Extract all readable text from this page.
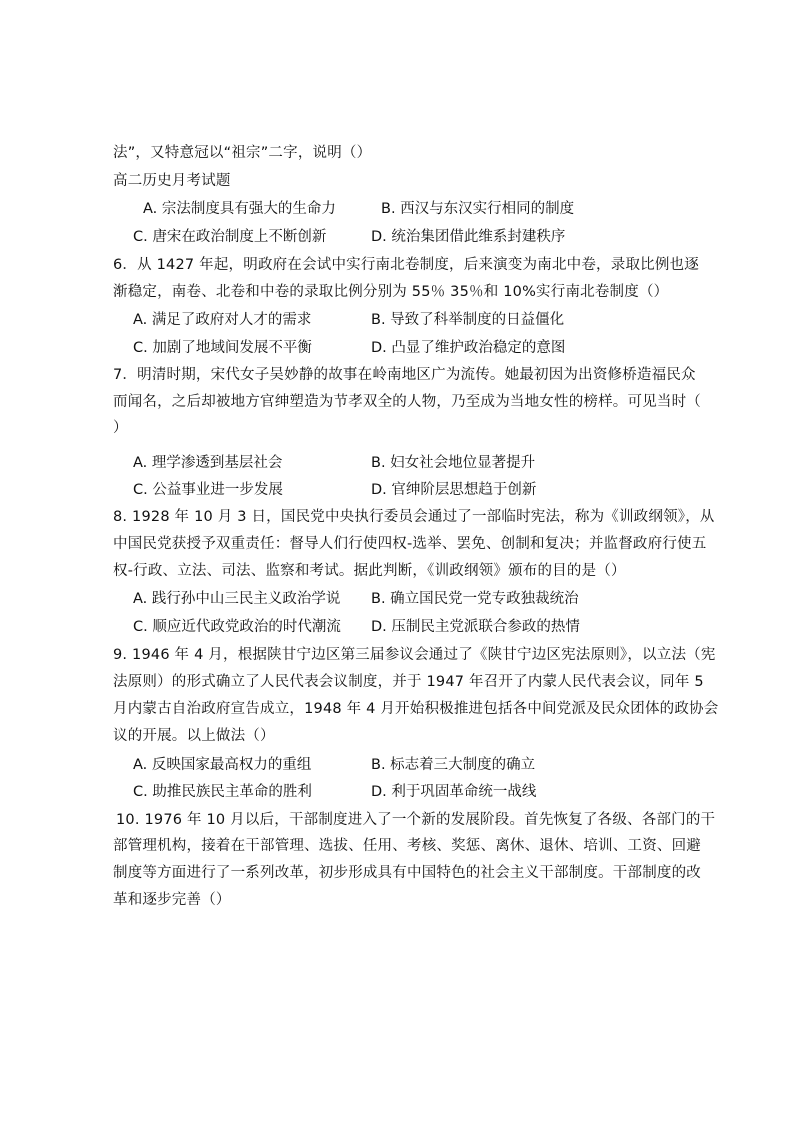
法”，又特意冠以“祖宗”二字，说明（）
高二历史月考试题
A. 宗法制度具有强大的生命力	B. 西汉与东汉实行相同的制度
C. 唐宋在政治制度上不断创新	D. 统治集团借此维系封建秩序
6．从 1427 年起，明政府在会试中实行南北卷制度，后来演变为南北中卷，录取比例也逐
渐稳定，南卷、北卷和中卷的录取比例分别为 55％ 35％和 10%实行南北卷制度（）
A. 满足了政府对人才的需求	B. 导致了科举制度的日益僵化
C. 加剧了地域间发展不平衡	D. 凸显了维护政治稳定的意图
7．明清时期，宋代女子吴妙静的故事在岭南地区广为流传。她最初因为出资修桥造福民众
而闻名，之后却被地方官绅塑造为节孝双全的人物，乃至成为当地女性的榜样。可见当时（
）
A. 理学渗透到基层社会	B. 妇女社会地位显著提升
C. 公益事业进一步发展	D. 官绅阶层思想趋于创新
8. 1928 年 10 月 3 日，国民党中央执行委员会通过了一部临时宪法，称为《训政纲领》，从
中国民党获授予双重责任：督导人们行使四权-选举、罢免、创制和复决；并监督政府行使五
权-行政、立法、司法、监察和考试。据此判断，《训政纲领》颁布的目的是（）
A. 践行孙中山三民主义政治学说 B. 确立国民党一党专政独裁统治
C. 顺应近代政党政治的时代潮流 D. 压制民主党派联合参政的热情
9. 1946 年 4 月，根据陕甘宁边区第三届参议会通过了《陕甘宁边区宪法原则》，以立法（宪
法原则）的形式确立了人民代表会议制度，并于 1947 年召开了内蒙人民代表会议，同年 5
月内蒙古自治政府宣告成立，1948 年 4 月开始积极推进包括各中间党派及民众团体的政协会
议的开展。以上做法（）
A. 反映国家最高权力的重组	B. 标志着三大制度的确立
C. 助推民族民主革命的胜利	D. 利于巩固革命统一战线
10. 1976 年 10 月以后，干部制度进入了一个新的发展阶段。首先恢复了各级、各部门的干
部管理机构，接着在干部管理、选拔、任用、考核、奖惩、离休、退休、培训、工资、回避
制度等方面进行了一系列改革，初步形成具有中国特色的社会主义干部制度。干部制度的改
革和逐步完善（）
